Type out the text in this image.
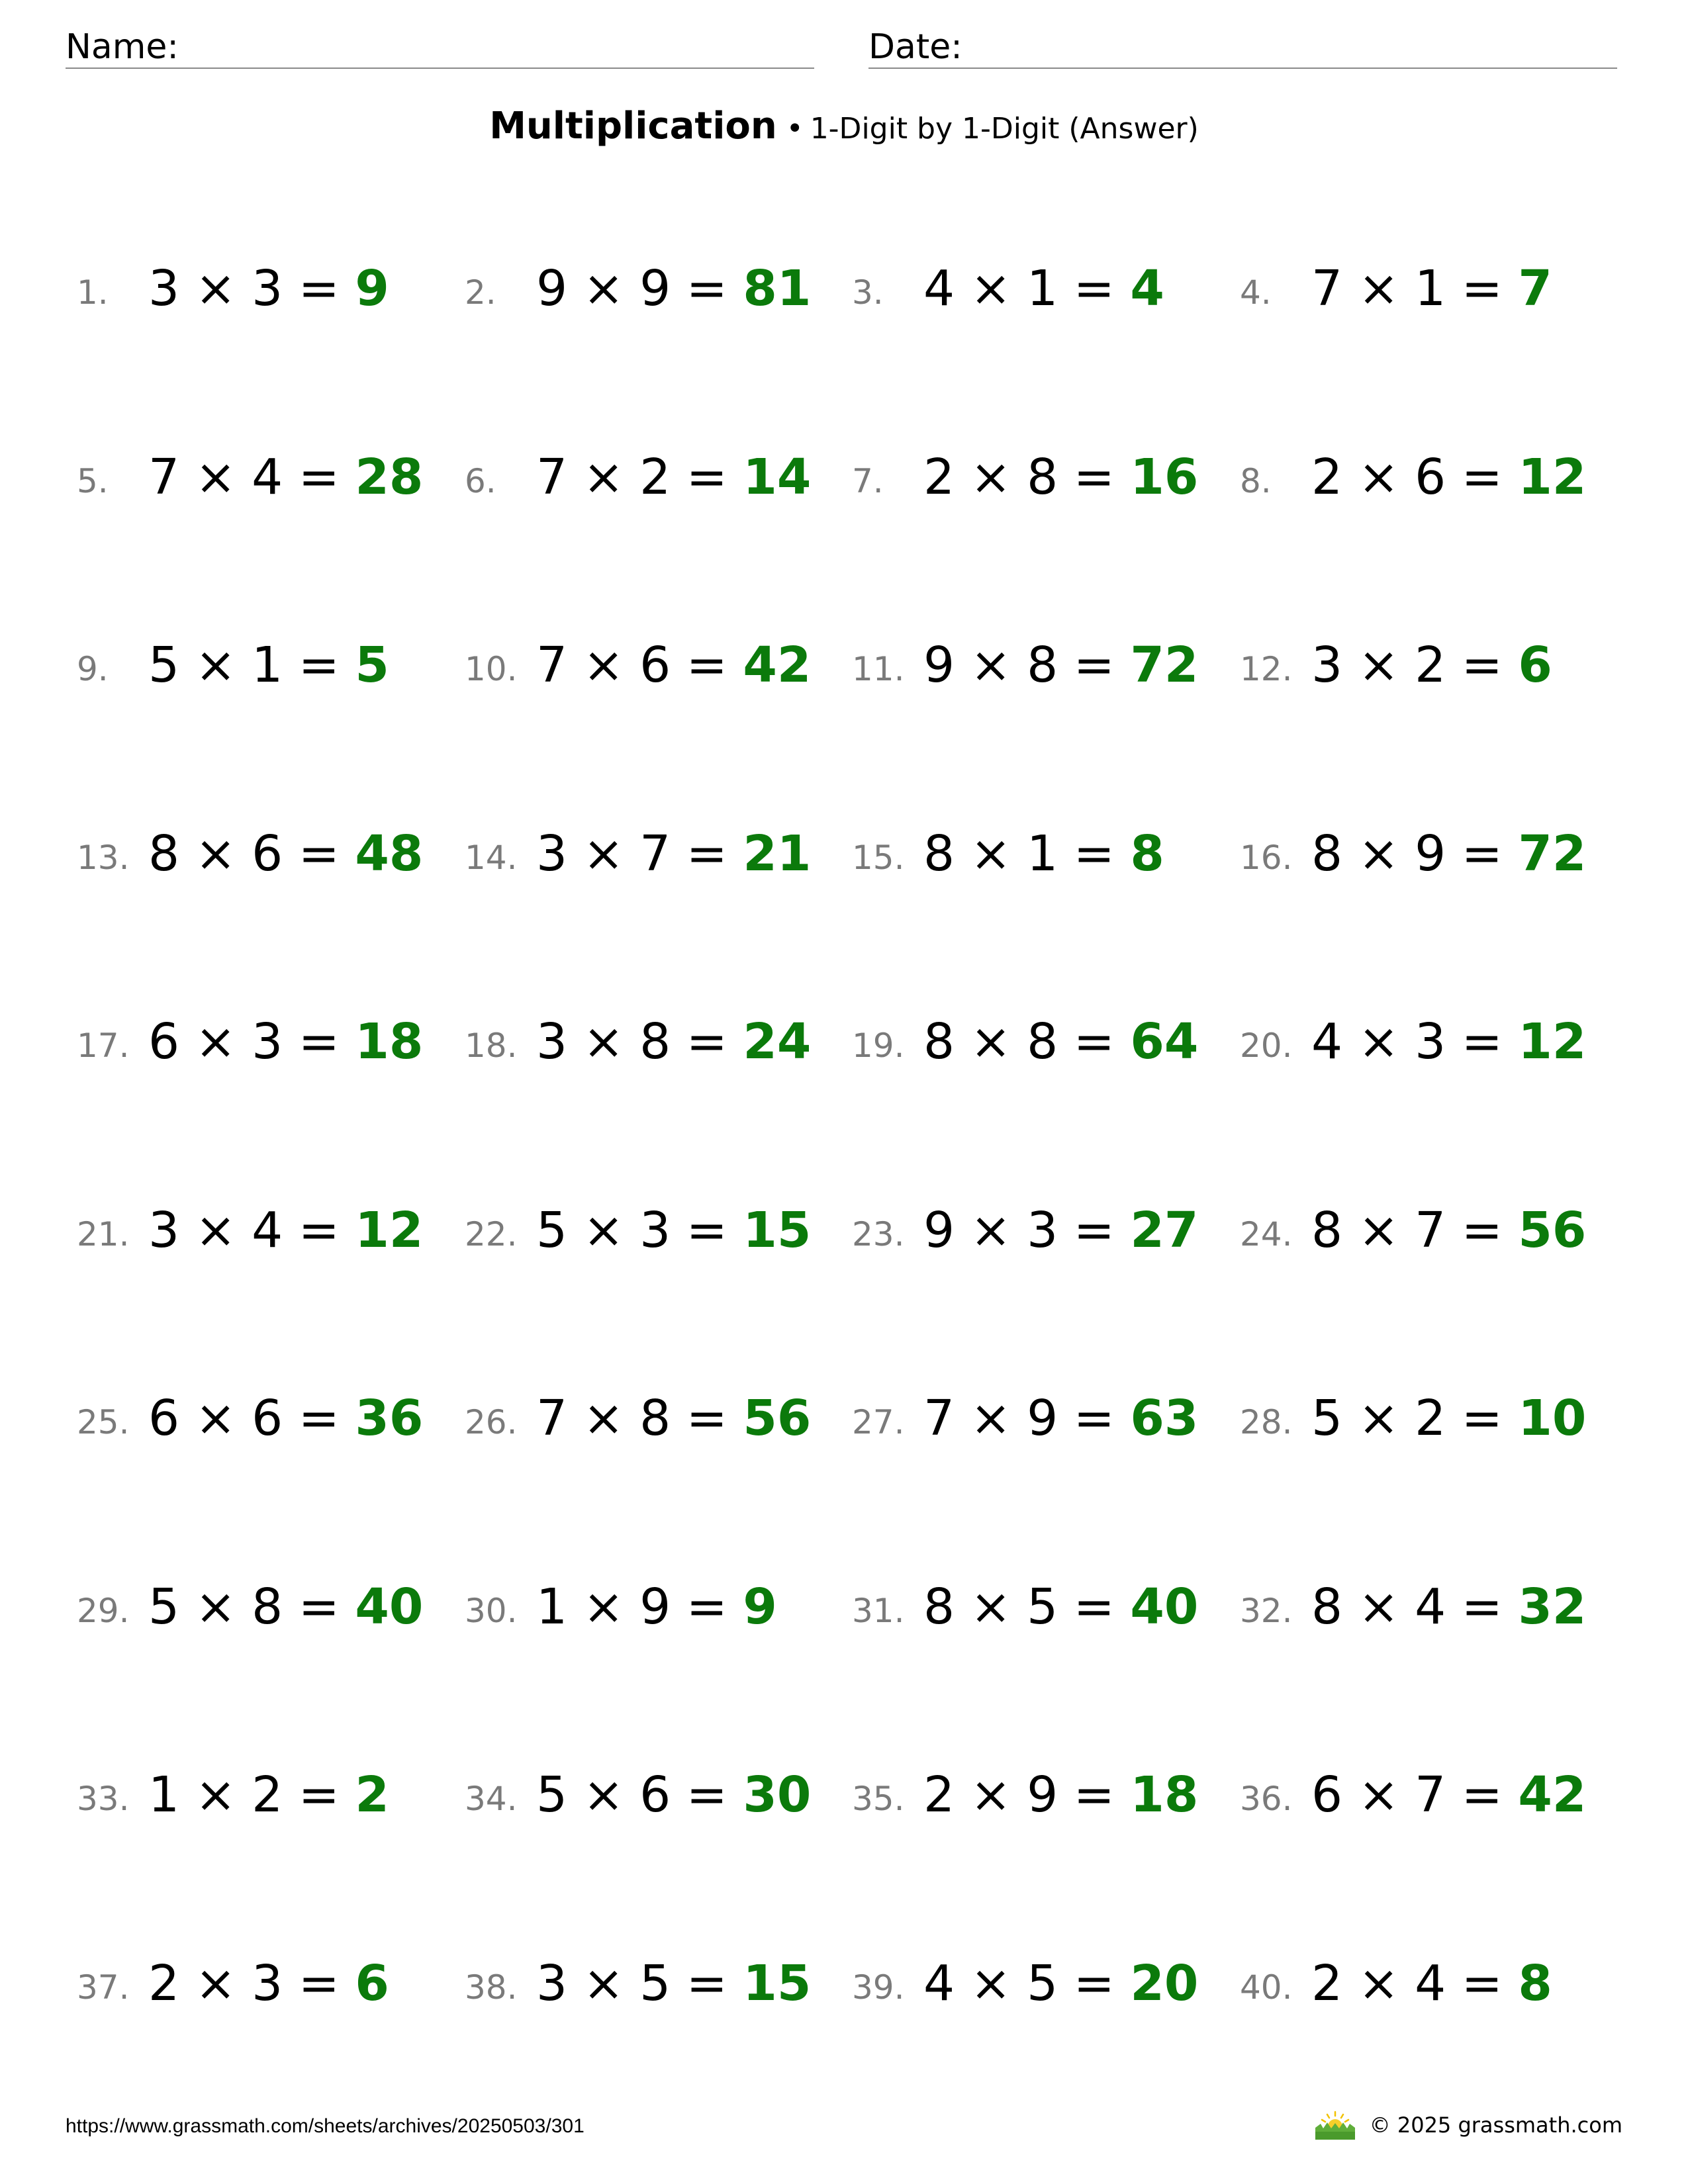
Name:	Date:
Multiplication • 1-Digit by 1-Digit (Answer)
1. 3 × 3 = 9 2. 9 × 9 = 81 3. 4 × 1 = 4 4. 7 × 1 = 7
5. 7 × 4 = 28 6. 7 × 2 = 14 7. 2 × 8 = 16 8. 2 × 6 = 12
9. 5 × 1 = 5 10. 7 × 6 = 42 11. 9 × 8 = 72 12. 3 × 2 = 6
13. 8 × 6 = 48 14. 3 × 7 = 21 15. 8 × 1 = 8 16. 8 × 9 = 72
17. 6 × 3 = 18 18. 3 × 8 = 24 19. 8 × 8 = 64 20. 4 × 3 = 12
21. 3 × 4 = 12 22. 5 × 3 = 15 23. 9 × 3 = 27 24. 8 × 7 = 56
25. 6 × 6 = 36 26. 7 × 8 = 56 27. 7 × 9 = 63 28. 5 × 2 = 10
29. 5 × 8 = 40 30. 1 × 9 = 9 31. 8 × 5 = 40 32. 8 × 4 = 32
33. 1 × 2 = 2 34. 5 × 6 = 30 35. 2 × 9 = 18 36. 6 × 7 = 42
37. 2 × 3 = 6 38. 3 × 5 = 15 39. 4 × 5 = 20 40. 2 × 4 = 8
https://www.grassmath.com/sheets/archives/20250503/301	© 2025 grassmath.com
